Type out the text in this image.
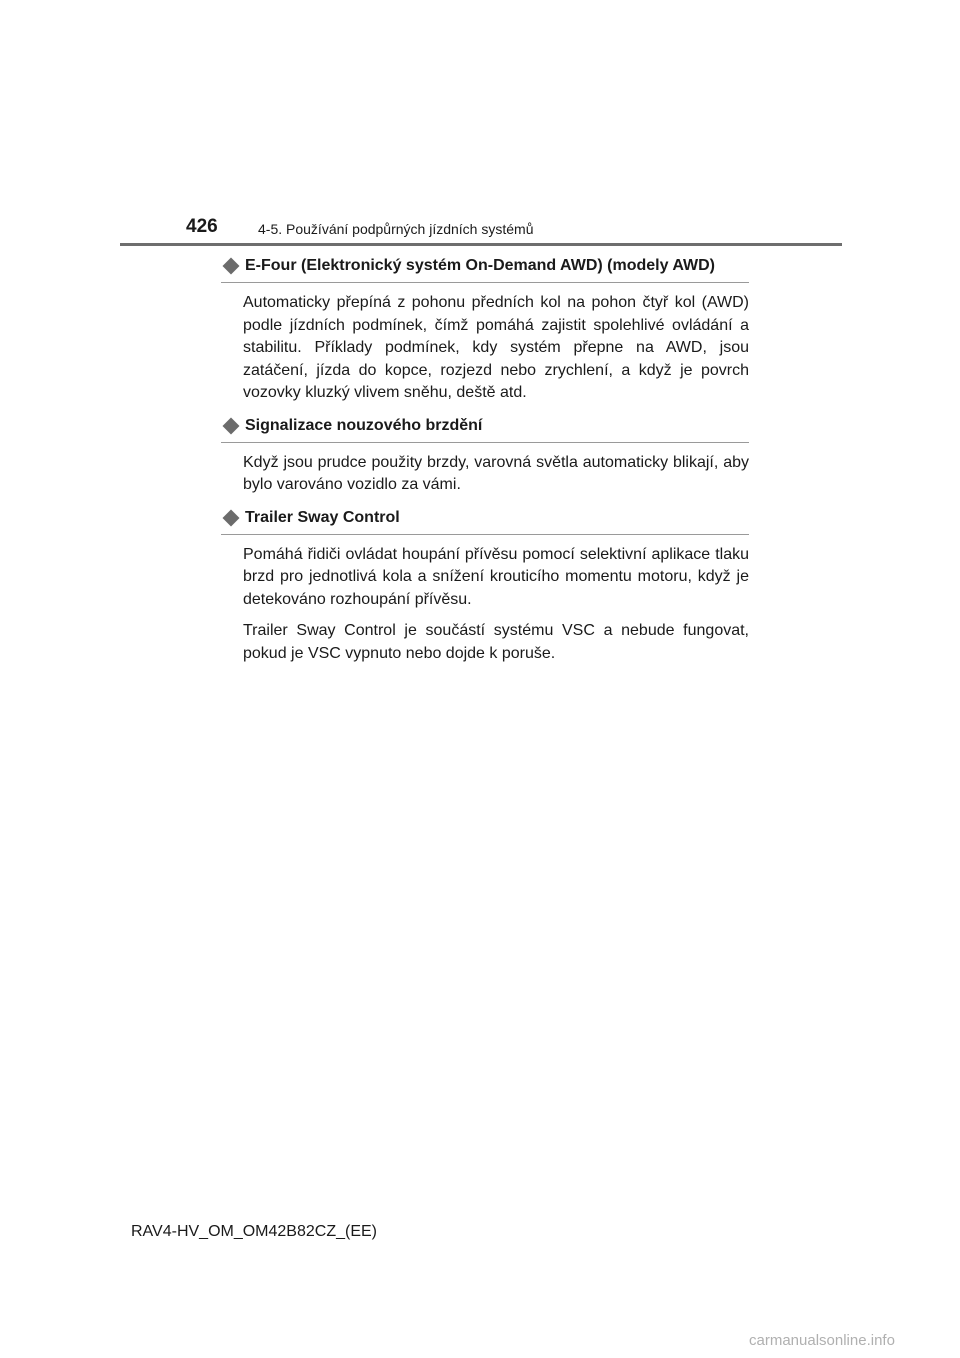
426	4-5. Používání podpůrných jízdních systémů
E-Four (Elektronický systém On-Demand AWD) (modely AWD)
Automaticky přepíná z pohonu předních kol na pohon čtyř kol (AWD) podle jízdních podmínek, čímž pomáhá zajistit spolehlivé ovládání a stabilitu. Příklady podmínek, kdy systém přepne na AWD, jsou zatáčení, jízda do kopce, rozjezd nebo zrychlení, a když je povrch vozovky kluzký vlivem sněhu, deště atd.
Signalizace nouzového brzdění
Když jsou prudce použity brzdy, varovná světla automaticky blikají, aby bylo varováno vozidlo za vámi.
Trailer Sway Control
Pomáhá řidiči ovládat houpání přívěsu pomocí selektivní aplikace tlaku brzd pro jednotlivá kola a snížení krouticího momentu motoru, když je detekováno rozhoupání přívěsu.
Trailer Sway Control je součástí systému VSC a nebude fungovat, pokud je VSC vypnuto nebo dojde k poruše.
RAV4-HV_OM_OM42B82CZ_(EE)
carmanualsonline.info
